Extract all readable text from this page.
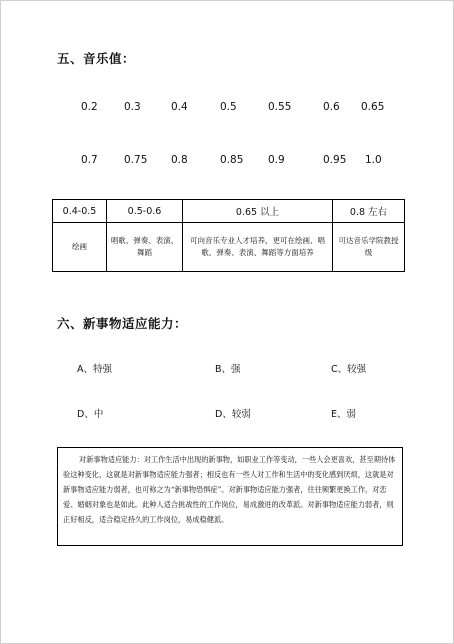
五、音乐值：
0.2	0.3	0.4	0.5	0.55	0.6 0.65
0.7	0.75 0.8	0.85 0.9	0.95 1.0
0.4-0.5	0.5-0.6	0.65 以上	0.8 左右
绘画	唱歌、弹奏、表演、舞蹈	可向音乐专业人才培养，更可在绘画、唱歌、弹奏、表演、舞蹈等方面培养	可达音乐学院教授级
六、新事物适应能力：
A、特强	B、强	C、较强
D、中	D、较弱	E、弱
对新事物适应能力：对工作生活中出现的新事物，如职业工作等变动，一些人会更喜欢，甚至期待体验这种变化，这就是对新事物适应能力强者；相反也有一些人对工作和生活中的变化感到厌烦，这就是对新事物适应能力弱者，也可称之为“新事物恐惧症”。对新事物适应能力强者，往往频繁更换工作，对恋爱、婚姻对象也是如此。此种人适合挑战性的工作岗位，易成激进的改革派。对新事物适应能力弱者，则正好相反，适合稳定持久的工作岗位，易成稳健派。
